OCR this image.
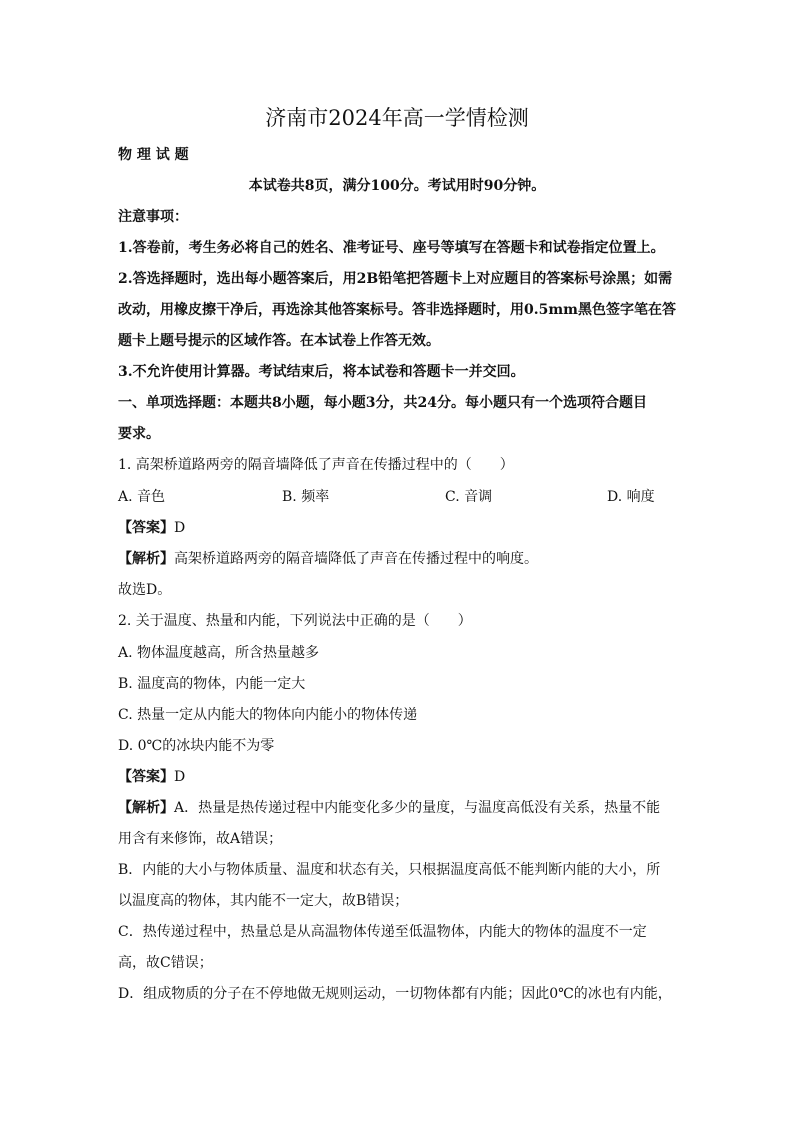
济南市2024年高一学情检测
物 理 试 题
本试卷共8页，满分100分。考试用时90分钟。
注意事项：
1.答卷前，考生务必将自己的姓名、准考证号、座号等填写在答题卡和试卷指定位置上。
2.答选择题时，选出每小题答案后，用2B铅笔把答题卡上对应题目的答案标号涂黑；如需
改动，用橡皮擦干净后，再选涂其他答案标号。答非选择题时，用0.5mm黑色签字笔在答
题卡上题号提示的区域作答。在本试卷上作答无效。
3.不允许使用计算器。考试结束后，将本试卷和答题卡一并交回。
一、单项选择题：本题共8小题，每小题3分，共24分。每小题只有一个选项符合题目
要求。
1. 高架桥道路两旁的隔音墙降低了声音在传播过程中的（　　）
A. 音色	B. 频率	C. 音调	D. 响度
【答案】D
【解析】高架桥道路两旁的隔音墙降低了声音在传播过程中的响度。
故选D。
2. 关于温度、热量和内能，下列说法中正确的是（　　）
A. 物体温度越高，所含热量越多
B. 温度高的物体，内能一定大
C. 热量一定从内能大的物体向内能小的物体传递
D. 0℃的冰块内能不为零
【答案】D
【解析】A．热量是热传递过程中内能变化多少的量度，与温度高低没有关系，热量不能
用含有来修饰，故A错误；
B．内能的大小与物体质量、温度和状态有关，只根据温度高低不能判断内能的大小，所
以温度高的物体，其内能不一定大，故B错误；
C．热传递过程中，热量总是从高温物体传递至低温物体，内能大的物体的温度不一定
高，故C错误；
D．组成物质的分子在不停地做无规则运动，一切物体都有内能；因此0℃的冰也有内能，
